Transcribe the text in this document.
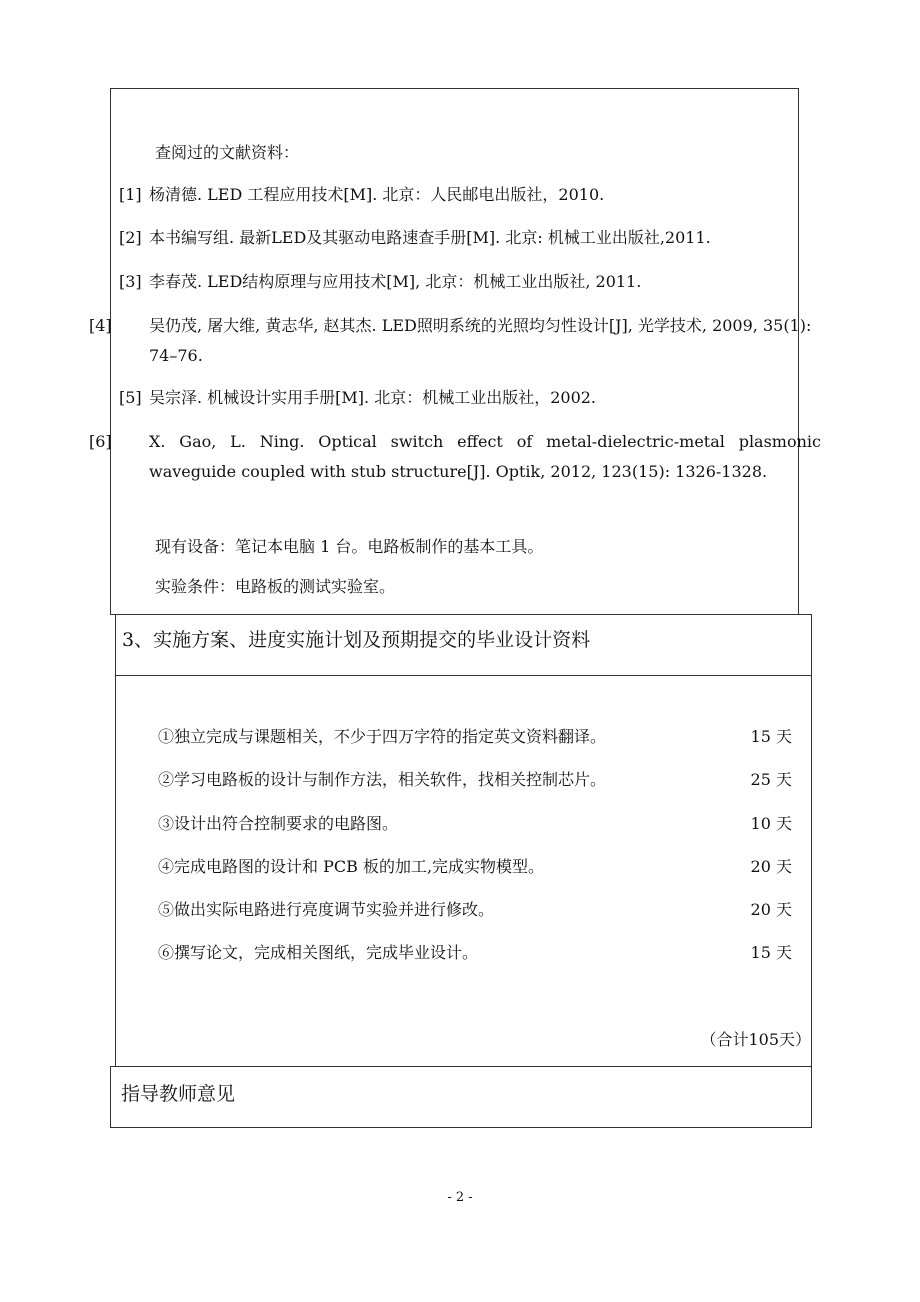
查阅过的文献资料：
[1] 杨清德. LED 工程应用技术[M]. 北京：人民邮电出版社，2010.
[2] 本书编写组. 最新LED及其驱动电路速查手册[M]. 北京: 机械工业出版社,2011.
[3] 李春茂. LED结构原理与应用技术[M], 北京：机械工业出版社, 2011.
[4] 吴仍茂, 屠大维, 黄志华, 赵其杰. LED照明系统的光照均匀性设计[J], 光学技术, 2009, 35(1): 74–76.
[5] 吴宗泽. 机械设计实用手册[M]. 北京：机械工业出版社，2002.
[6] X. Gao, L. Ning. Optical switch effect of metal-dielectric-metal plasmonic waveguide coupled with stub structure[J]. Optik, 2012, 123(15): 1326-1328.
现有设备：笔记本电脑 1 台。电路板制作的基本工具。
实验条件：电路板的测试实验室。
3、实施方案、进度实施计划及预期提交的毕业设计资料
①独立完成与课题相关，不少于四万字符的指定英文资料翻译。	15 天
②学习电路板的设计与制作方法，相关软件，找相关控制芯片。	25 天
③设计出符合控制要求的电路图。	10 天
④完成电路图的设计和 PCB 板的加工,完成实物模型。	20 天
⑤做出实际电路进行亮度调节实验并进行修改。	20 天
⑥撰写论文，完成相关图纸，完成毕业设计。	15 天
（合计105天）
指导教师意见
- 2 -
